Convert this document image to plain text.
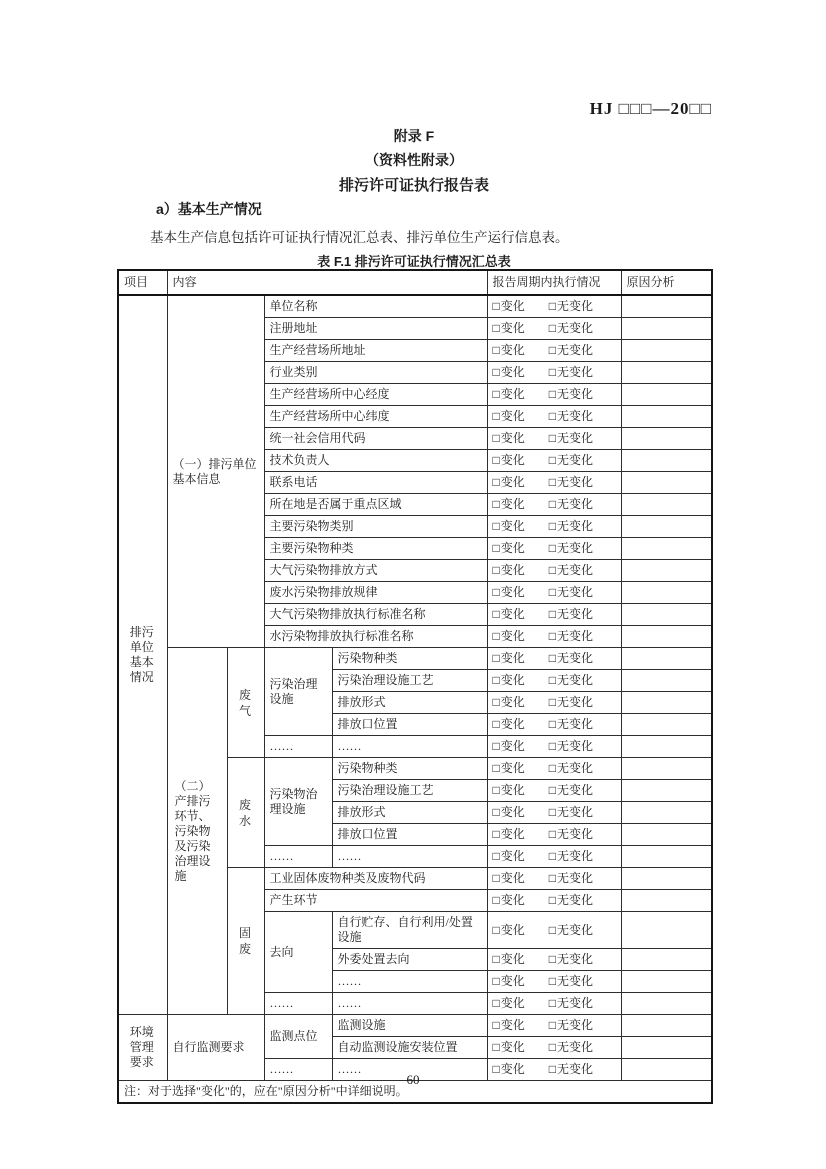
HJ □□□—20□□
附录 F
（资料性附录）
排污许可证执行报告表
a）基本生产情况
基本生产信息包括许可证执行情况汇总表、排污单位生产运行信息表。
表 F.1 排污许可证执行情况汇总表
项目	内容				报告周期内执行情况	原因分析

排污单位基本情况	（一）排污单位基本信息		单位名称		□变化 □无变化	
			注册地址		□变化 □无变化	
			生产经营场所地址		□变化 □无变化	
			行业类别		□变化 □无变化	
			生产经营场所中心经度		□变化 □无变化	
			生产经营场所中心纬度		□变化 □无变化	
			统一社会信用代码		□变化 □无变化	
			技术负责人		□变化 □无变化	
			联系电话		□变化 □无变化	
			所在地是否属于重点区域		□变化 □无变化	
			主要污染物类别		□变化 □无变化	
			主要污染物种类		□变化 □无变化	
			大气污染物排放方式		□变化 □无变化	
			废水污染物排放规律		□变化 □无变化	
			大气污染物排放执行标准名称		□变化 □无变化	
			水污染物排放执行标准名称		□变化 □无变化	

	（二）产排污环节、污染物及污染治理设施	废气	污染治理设施	污染物种类	□变化 □无变化	
				污染治理设施工艺	□变化 □无变化	
				排放形式	□变化 □无变化	
				排放口位置	□变化 □无变化	
			……	……	□变化 □无变化	

		废水	污染物治理设施	污染物种类	□变化 □无变化	
				污染治理设施工艺	□变化 □无变化	
				排放形式	□变化 □无变化	
				排放口位置	□变化 □无变化	
			……	……	□变化 □无变化	

		固废	工业固体废物种类及废物代码		□变化 □无变化	
			产生环节		□变化 □无变化	
			去向	自行贮存、自行利用/处置设施	□变化 □无变化	
				外委处置去向	□变化 □无变化	
				……	□变化 □无变化	
			……	……	□变化 □无变化	

环境管理要求	自行监测要求		监测点位	监测设施	□变化 □无变化	
				自动监测设施安装位置	□变化 □无变化	
			……	……	□变化 □无变化	
注：对于选择"变化"的，应在"原因分析"中详细说明。						
60
